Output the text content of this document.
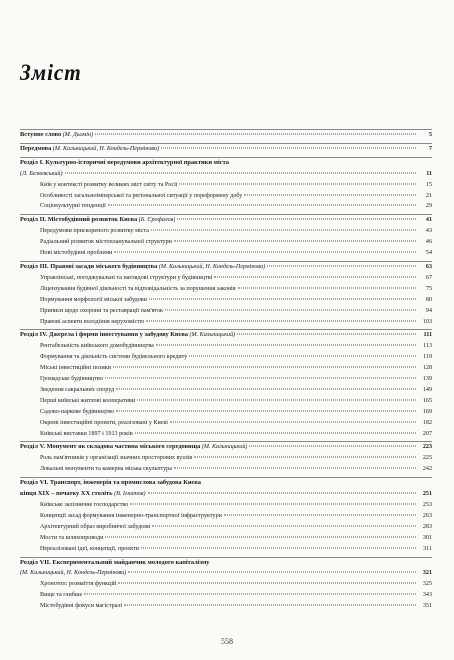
Зміст
Вступне слово (М. Дьомін)	5
Передмова (М. Кальницький, Н. Кондель-Пермінова)	7
Розділ I. Культурно-історичні передумови архітектурної практики міста
(Л. Беляєвський)	11
Київ у контексті розвитку великих міст світу та Росії	15
Особливості загальноімперської та регіональної ситуації у пореформену добу	21
Соціокультурні тенденції	29
Розділ II. Містобудівний розвиток Києва (Б. Єрофалов)	41
Передумови прискореного розвитку міста	43
Радіальний розвиток містопланувальної структури	46
Нові містобудівні проблеми	54
Розділ III. Правові засади міського будівництва (М. Кальницький, Н. Кондель-Пермінова)	63
Управлінські, погоджувальні та наглядові структури у будівництві	67
Ліцензування будівної діяльності та відповідальність за порушення законів	75
Нормування морфології міської забудови	80
Приписи щодо охорони та реставрації пам'яток	94
Правові аспекти володіння нерухомістю	103
Розділ IV. Джерела і форми інвестування у забудову Києва (М. Кальницький)	111
Рентабельність київського домобудівництва	113
Формування та діяльність системи будівельного кредиту	119
Міські інвестиційні позики	128
Громадське будівництво	139
Зведення сакральних споруд	149
Перші київські житлові кооперативи	165
Садово-паркове будівництво	169
Окремі інвестиційні проекти, реалізовані у Києві	182
Київські виставки 1897 і 1913 років	207
Розділ V. Монумент як складова частина міського середовища (М. Кальницький)	223
Роль пам'ятників у організації значних просторових вузлів	225
Локальні монументи та камерна міська скульптура	242
Розділ VI. Транспорт, інженерія та промислова забудова Києва
кінця XIX – початку XX століть (В. Ігнатов)	251
Київське залізничне господарство	253
Концепції засад формування інженерно-транспортної інфраструктури	263
Архітектурний образ виробничої забудови	283
Мости та шляхопроводи	301
Нереалізовані ідеї, концепції, проекти	311
Розділ VII. Експериментальний майданчик молодого капіталізму
(М. Кальницький, Н. Кондель-Пермінова)	321
Хронотоп: розмаїття функцій	325
Вище та глибше	343
Містобудівні фокуси магістралі	351
558
